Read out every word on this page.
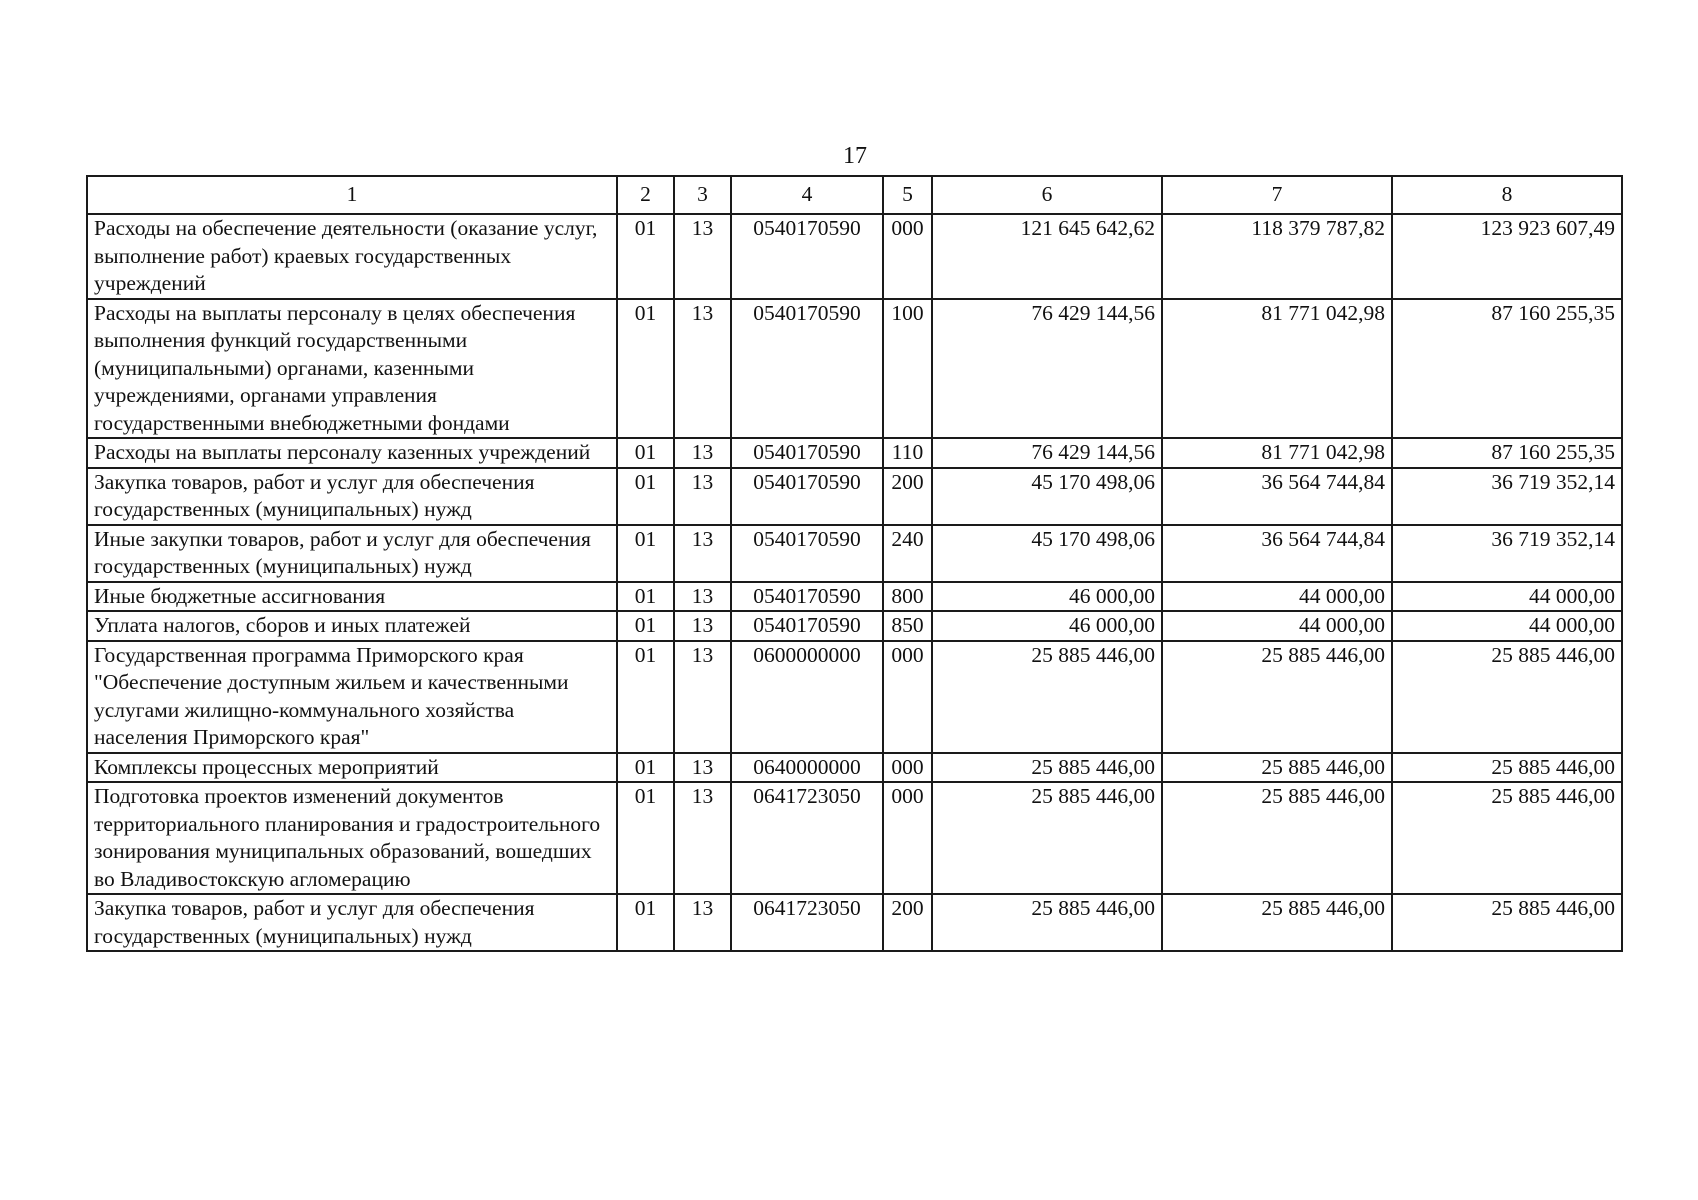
17
1	2	3	4	5	6	7	8
Расходы на обеспечение деятельности (оказание услуг, выполнение работ) краевых государственных учреждений	01	13	0540170590	000	121 645 642,62	118 379 787,82	123 923 607,49
Расходы на выплаты персоналу в целях обеспечения выполнения функций государственными (муниципальными) органами, казенными учреждениями, органами управления государственными внебюджетными фондами	01	13	0540170590	100	76 429 144,56	81 771 042,98	87 160 255,35
Расходы на выплаты персоналу казенных учреждений	01	13	0540170590	110	76 429 144,56	81 771 042,98	87 160 255,35
Закупка товаров, работ и услуг для обеспечения государственных (муниципальных) нужд	01	13	0540170590	200	45 170 498,06	36 564 744,84	36 719 352,14
Иные закупки товаров, работ и услуг для обеспечения государственных (муниципальных) нужд	01	13	0540170590	240	45 170 498,06	36 564 744,84	36 719 352,14
Иные бюджетные ассигнования	01	13	0540170590	800	46 000,00	44 000,00	44 000,00
Уплата налогов, сборов и иных платежей	01	13	0540170590	850	46 000,00	44 000,00	44 000,00
Государственная программа Приморского края "Обеспечение доступным жильем и качественными услугами жилищно-коммунального хозяйства населения Приморского края"	01	13	0600000000	000	25 885 446,00	25 885 446,00	25 885 446,00
Комплексы процессных мероприятий	01	13	0640000000	000	25 885 446,00	25 885 446,00	25 885 446,00
Подготовка проектов изменений документов территориального планирования и градостроительного зонирования муниципальных образований, вошедших во Владивостокскую агломерацию	01	13	0641723050	000	25 885 446,00	25 885 446,00	25 885 446,00
Закупка товаров, работ и услуг для обеспечения государственных (муниципальных) нужд	01	13	0641723050	200	25 885 446,00	25 885 446,00	25 885 446,00
